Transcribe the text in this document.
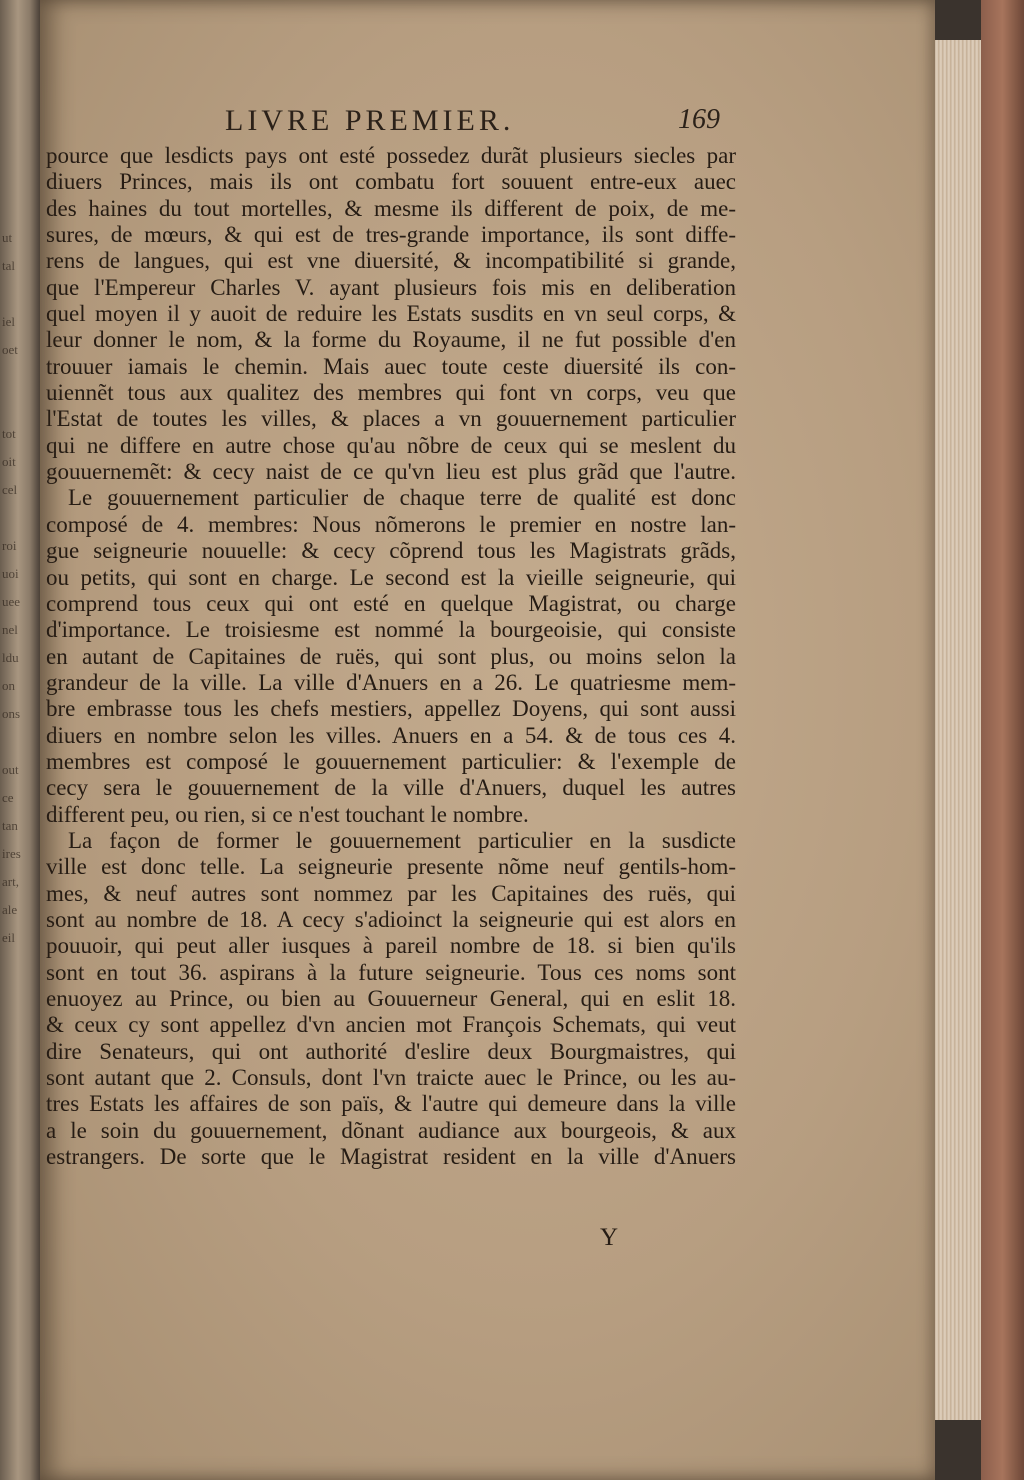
ut
tal
iel
oet
tot
oit
cel
roi
uoi
uee
nel
ldu
on
ons
out
ce
tan
ires
art,
ale
eil
LIVRE PREMIER.	169
pource que lesdicts pays ont esté possedez durãt plusieurs siecles par
diuers Princes, mais ils ont combatu fort souuent entre-eux auec
des haines du tout mortelles, & mesme ils different de poix, de me-
sures, de mœurs, & qui est de tres-grande importance, ils sont diffe-
rens de langues, qui est vne diuersité, & incompatibilité si grande,
que l'Empereur Charles V. ayant plusieurs fois mis en deliberation
quel moyen il y auoit de reduire les Estats susdits en vn seul corps, &
leur donner le nom, & la forme du Royaume, il ne fut possible d'en
trouuer iamais le chemin. Mais auec toute ceste diuersité ils con-
uiennẽt tous aux qualitez des membres qui font vn corps, veu que
l'Estat de toutes les villes, & places a vn gouuernement particulier
qui ne differe en autre chose qu'au nõbre de ceux qui se meslent du
gouuernemẽt: & cecy naist de ce qu'vn lieu est plus grãd que l'autre.
Le gouuernement particulier de chaque terre de qualité est donc
composé de 4. membres: Nous nõmerons le premier en nostre lan-
gue seigneurie nouuelle: & cecy cõprend tous les Magistrats grãds,
ou petits, qui sont en charge. Le second est la vieille seigneurie, qui
comprend tous ceux qui ont esté en quelque Magistrat, ou charge
d'importance. Le troisiesme est nommé la bourgeoisie, qui consiste
en autant de Capitaines de ruës, qui sont plus, ou moins selon la
grandeur de la ville. La ville d'Anuers en a 26. Le quatriesme mem-
bre embrasse tous les chefs mestiers, appellez Doyens, qui sont aussi
diuers en nombre selon les villes. Anuers en a 54. & de tous ces 4.
membres est composé le gouuernement particulier: & l'exemple de
cecy sera le gouuernement de la ville d'Anuers, duquel les autres
different peu, ou rien, si ce n'est touchant le nombre.
La façon de former le gouuernement particulier en la susdicte
ville est donc telle. La seigneurie presente nõme neuf gentils-hom-
mes, & neuf autres sont nommez par les Capitaines des ruës, qui
sont au nombre de 18. A cecy s'adioinct la seigneurie qui est alors en
pouuoir, qui peut aller iusques à pareil nombre de 18. si bien qu'ils
sont en tout 36. aspirans à la future seigneurie. Tous ces noms sont
enuoyez au Prince, ou bien au Gouuerneur General, qui en eslit 18.
& ceux cy sont appellez d'vn ancien mot François Schemats, qui veut
dire Senateurs, qui ont authorité d'eslire deux Bourgmaistres, qui
sont autant que 2. Consuls, dont l'vn traicte auec le Prince, ou les au-
tres Estats les affaires de son païs, & l'autre qui demeure dans la ville
a le soin du gouuernement, dõnant audiance aux bourgeois, & aux
estrangers. De sorte que le Magistrat resident en la ville d'Anuers
Y
